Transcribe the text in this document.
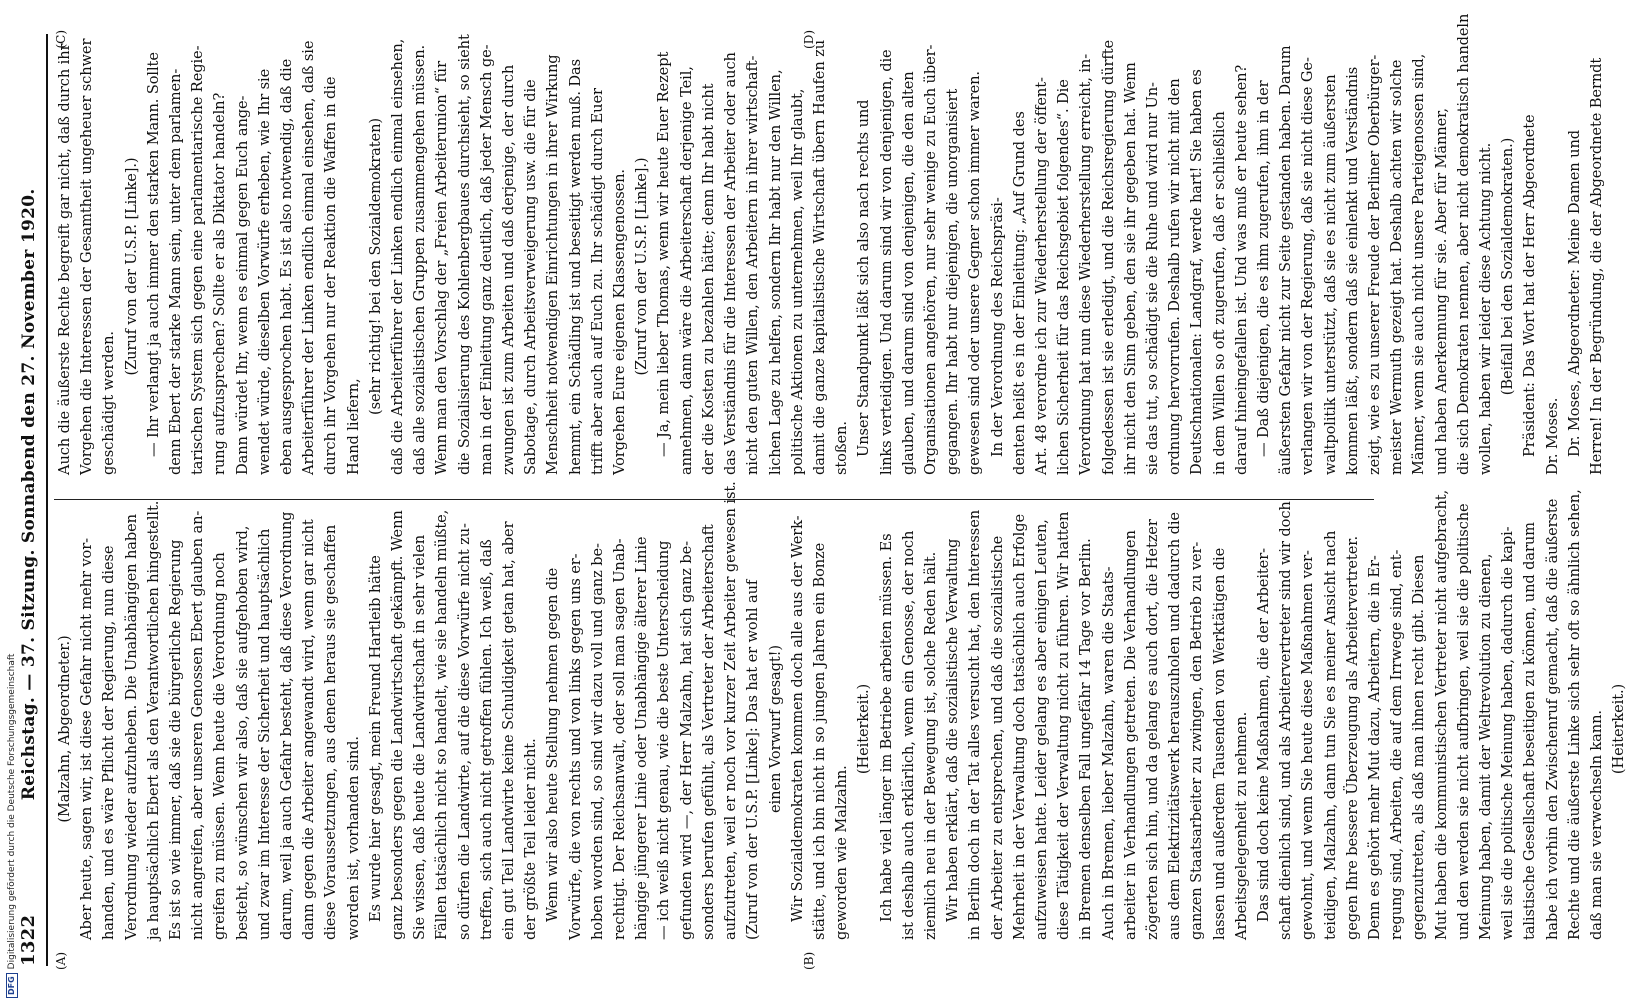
1322
Reichstag. — 37. Sitzung. Sonnabend den 27. November 1920.
(A)	(B)
(Malzahn, Abgeordneter.) Aber heute, sagen wir, ist diese Gefahr nicht mehr vor- handen, und es wäre Pflicht der Regierung, nun diese Verordnung wieder aufzuheben. Die Unabhängigen haben ja hauptsächlich Ebert als den Verantwortlichen hingestellt. Es ist so wie immer, daß sie die bürgerliche Regierung nicht angreifen, aber unseren Genossen Ebert glauben an- greifen zu müssen. Wenn heute die Verordnung noch besteht, so wünschen wir also, daß sie aufgehoben wird, und zwar im Interesse der Sicherheit und hauptsächlich darum, weil ja auch Gefahr besteht, daß diese Verordnung dann gegen die Arbeiter angewandt wird, wenn gar nicht diese Voraussetzungen, aus denen heraus sie geschaffen worden ist, vorhanden sind. Es wurde hier gesagt, mein Freund Hartleib hätte ganz besonders gegen die Landwirtschaft gekämpft. Wenn Sie wissen, daß heute die Landwirtschaft in sehr vielen Fällen tatsächlich nicht so handelt, wie sie handeln müßte, so dürfen die Landwirte, auf die diese Vorwürfe nicht zu- treffen, sich auch nicht getroffen fühlen. Ich weiß, daß ein gut Teil Landwirte keine Schuldigkeit getan hat, aber der größte Teil leider nicht. Wenn wir also heute Stellung nehmen gegen die Vorwürfe, die von rechts und von links gegen uns er- hoben worden sind, so sind wir dazu voll und ganz be- rechtigt. Der Reichsanwalt, oder soll man sagen Unab- hängige jüngerer Linie oder Unabhängige älterer Linie — ich weiß nicht genau, wie die beste Unterscheidung gefunden wird —, der Herr Malzahn, hat sich ganz be- sonders berufen gefühlt, als Vertreter der Arbeiterschaft aufzutreten, weil er noch vor kurzer Zeit Arbeiter gewesen ist. (Zuruf von der U.S.P. [Linke]: Das hat er wohl auf einen Vorwurf gesagt!) Wir Sozialdemokraten kommen doch alle aus der Werk- stätte, und ich bin nicht in so jungen Jahren ein Bonze geworden wie Malzahn.
(Heiterkeit.) Ich habe viel länger im Betriebe arbeiten müssen. Es ist deshalb auch erklärlich, wenn ein Genosse, der noch ziemlich neu in der Bewegung ist, solche Reden hält. Wir haben erklärt, daß die sozialistische Verwaltung in Berlin doch in der Tat alles versucht hat, den Interessen der Arbeiter zu entsprechen, und daß die sozialistische Mehrheit in der Verwaltung doch tatsächlich auch Erfolge aufzuweisen hatte. Leider gelang es aber einigen Leuten, diese Tätigkeit der Verwaltung nicht zu führen. Wir hatten in Bremen denselben Fall ungefähr 14 Tage vor Berlin. Auch in Bremen, lieber Malzahn, waren die Staats- arbeiter in Verhandlungen getreten. Die Verhandlungen zögerten sich hin, und da gelang es auch dort, die Hetzer aus dem Elektrizitätswerk herauszuholen und dadurch die ganzen Staatsarbeiter zu zwingen, den Betrieb zu ver- lassen und außerdem Tausenden von Werktätigen die Arbeitsgelegenheit zu nehmen. Das sind doch keine Maßnahmen, die der Arbeiter- schaft dienlich sind, und als Arbeitervertreter sind wir doch gewohnt, und wenn Sie heute diese Maßnahmen ver- teidigen, Malzahn, dann tun Sie es meiner Ansicht nach gegen Ihre bessere Überzeugung als Arbeitervertreter. Denn es gehört mehr Mut dazu, Arbeitern, die in Er- regung sind, Arbeiten, die auf dem Irrwege sind, ent- gegenzutreten, als daß man ihnen recht gibt. Diesen Mut haben die kommunistischen Vertreter nicht aufgebracht, und den werden sie nicht aufbringen, weil sie die politische Meinung haben, damit der Weltrevolution zu dienen, weil sie die politische Meinung haben, dadurch die kapi- talistische Gesellschaft beseitigen zu können, und darum habe ich vorhin den Zwischenruf gemacht, daß die äußerste Rechte und die äußerste Linke sich sehr oft so ähnlich sehen, daß man sie verwechseln kann. (Heiterkeit.)
(C)	(D)
Auch die äußerste Rechte begreift gar nicht, daß durch ihr Vorgehen die Interessen der Gesamtheit ungeheuer schwer geschädigt werden.
(Zuruf von der U.S.P. [Linke].) — Ihr verlangt ja auch immer den starken Mann. Sollte denn Ebert der starke Mann sein, unter dem parlamen- tarischen System sich gegen eine parlamentarische Regie- rung aufzusprechen? Sollte er als Diktator handeln? Dann würdet Ihr, wenn es einmal gegen Euch ange- wendet würde, dieselben Vorwürfe erheben, wie Ihr sie eben ausgesprochen habt. Es ist also notwendig, daß die Arbeiterführer der Linken endlich einmal einsehen, daß sie durch ihr Vorgehen nur der Reaktion die Waffen in die Hand liefern,
(sehr richtig! bei den Sozialdemokraten) daß die Arbeiterführer der Linken endlich einmal einsehen, daß alle sozialistischen Gruppen zusammengehen müssen. Wenn man den Vorschlag der „Freien Arbeiterunion“ für die Sozialisierung des Kohlenbergbaues durchsieht, so sieht man in der Einleitung ganz deutlich, daß jeder Mensch ge- zwungen ist zum Arbeiten und daß derjenige, der durch Sabotage, durch Arbeitsverweigerung usw. die für die Menschheit notwendigen Einrichtungen in ihrer Wirkung hemmt, ein Schädling ist und beseitigt werden muß. Das trifft aber auch auf Euch zu. Ihr schädigt durch Euer Vorgehen Eure eigenen Klassengenossen. (Zuruf von der U.S.P. [Linke].) — Ja, mein lieber Thomas, wenn wir heute Euer Rezept annehmen, dann wäre die Arbeiterschaft derjenige Teil, der die Kosten zu bezahlen hätte; denn Ihr habt nicht das Verständnis für die Interessen der Arbeiter oder auch nicht den guten Willen, den Arbeitern in ihrer wirtschaft- lichen Lage zu helfen, sondern Ihr habt nur den Willen, politische Aktionen zu unternehmen, weil Ihr glaubt, damit die ganze kapitalistische Wirtschaft übern Haufen zu stoßen. Unser Standpunkt läßt sich also nach rechts und links verteidigen. Und darum sind wir von denjenigen, die glauben, und darum sind von denjenigen, die den alten Organisationen angehören, nur sehr wenige zu Euch über- gegangen. Ihr habt nur diejenigen, die unorganisiert gewesen sind oder unsere Gegner schon immer waren. In der Verordnung des Reichspräsi- denten heißt es in der Einleitung: „Auf Grund des Art. 48 verordne ich zur Wiederherstellung der öffent- lichen Sicherheit für das Reichsgebiet folgendes“. Die Verordnung hat nun diese Wiederherstellung erreicht, in- folgedessen ist sie erledigt, und die Reichsregierung dürfte ihr nicht den Sinn geben, den sie ihr gegeben hat. Wenn sie das tut, so schädigt sie die Ruhe und wird nur Un- ordnung hervorrufen. Deshalb rufen wir nicht mit den Deutschnationalen: Landgraf, werde hart! Sie haben es in dem Willen so oft zugerufen, daß er schließlich darauf hineingefallen ist. Und was muß er heute sehen? — Daß diejenigen, die es ihm zugerufen, ihm in der äußersten Gefahr nicht zur Seite gestanden haben. Darum verlangen wir von der Regierung, daß sie nicht diese Ge- waltpolitik unterstützt, daß sie es nicht zum äußersten kommen läßt, sondern daß sie einlenkt und Verständnis zeigt, wie es zu unserer Freude der Berliner Oberbürger- meister Wermuth gezeigt hat. Deshalb achten wir solche Männer, wenn sie auch nicht unsere Parteigenossen sind, und haben Anerkennung für sie. Aber für Männer, die sich Demokraten nennen, aber nicht demokratisch handeln wollen, haben wir leider diese Achtung nicht. (Beifall bei den Sozialdemokraten.) Präsident: Das Wort hat der Herr Abgeordnete Dr. Moses. Dr. Moses, Abgeordneter: Meine Damen und Herren! In der Begründung, die der Abgeordnete Berndt
DFG
Digitalisierung gefördert durch die Deutsche Forschungsgemeinschaft
